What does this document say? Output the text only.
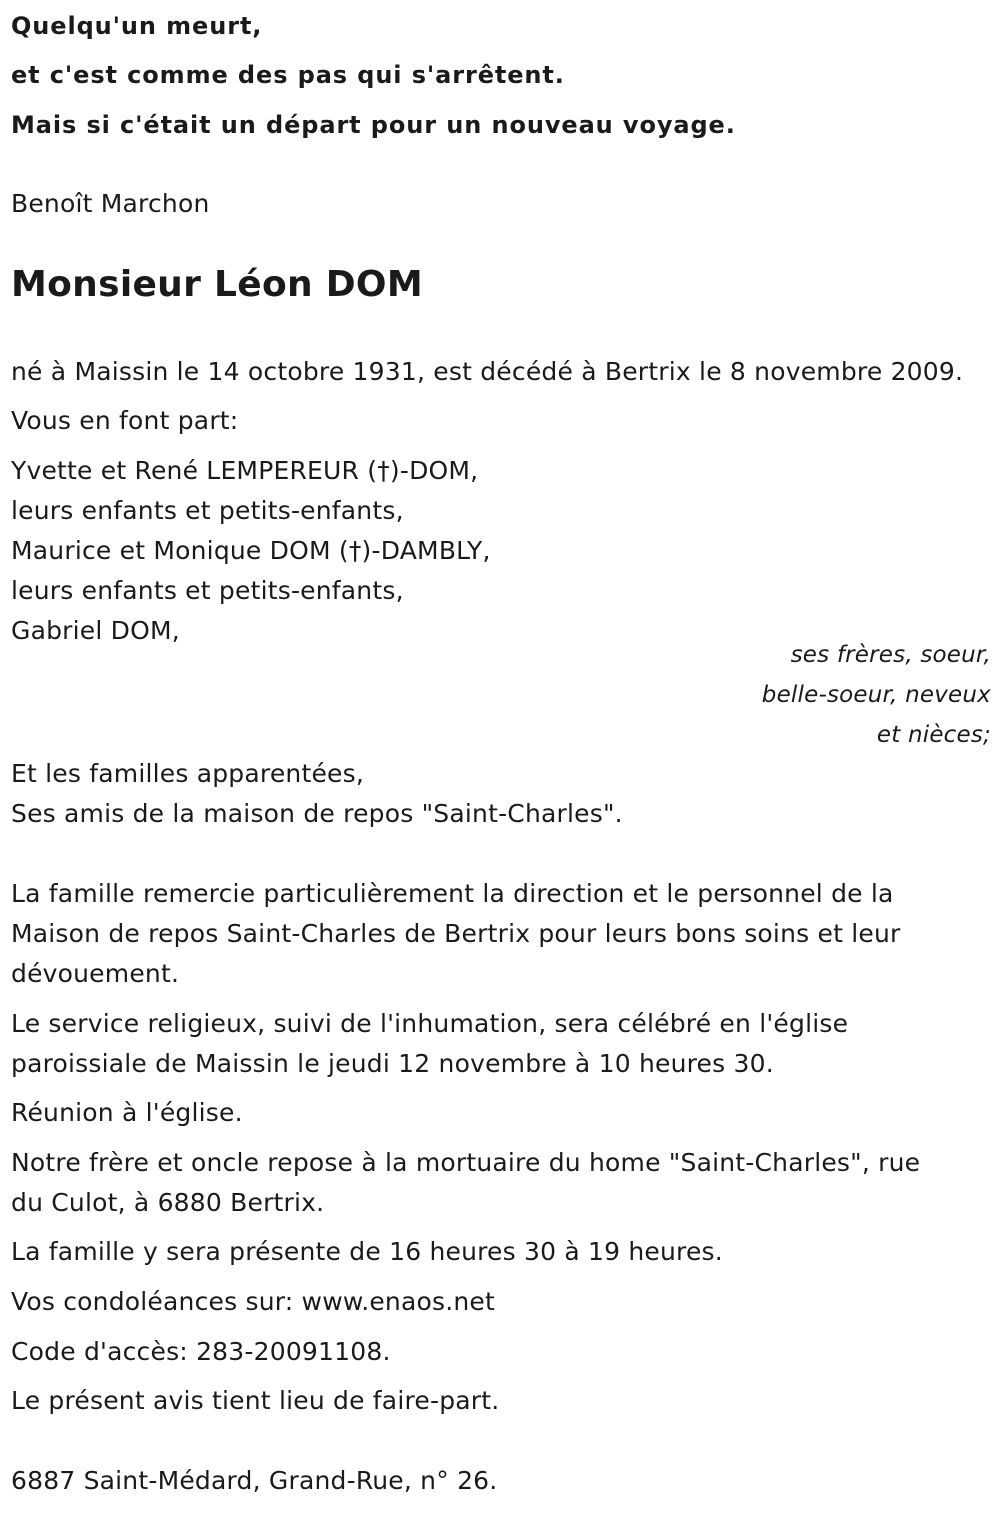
Quelqu'un meurt,
et c'est comme des pas qui s'arrêtent.
Mais si c'était un départ pour un nouveau voyage.
Benoît Marchon
Monsieur Léon DOM
né à Maissin le 14 octobre 1931, est décédé à Bertrix le 8 novembre 2009.
Vous en font part:
Yvette et René LEMPEREUR (†)-DOM,
leurs enfants et petits-enfants,
Maurice et Monique DOM (†)-DAMBLY,
leurs enfants et petits-enfants,
Gabriel DOM,
ses frères, soeur,
belle-soeur, neveux
et nièces;
Et les familles apparentées,
Ses amis de la maison de repos "Saint-Charles".
La famille remercie particulièrement la direction et le personnel de la
Maison de repos Saint-Charles de Bertrix pour leurs bons soins et leur
dévouement.
Le service religieux, suivi de l'inhumation, sera célébré en l'église
paroissiale de Maissin le jeudi 12 novembre à 10 heures 30.
Réunion à l'église.
Notre frère et oncle repose à la mortuaire du home "Saint-Charles", rue
du Culot, à 6880 Bertrix.
La famille y sera présente de 16 heures 30 à 19 heures.
Vos condoléances sur: www.enaos.net
Code d'accès: 283-20091108.
Le présent avis tient lieu de faire-part.
6887 Saint-Médard, Grand-Rue, n° 26.
